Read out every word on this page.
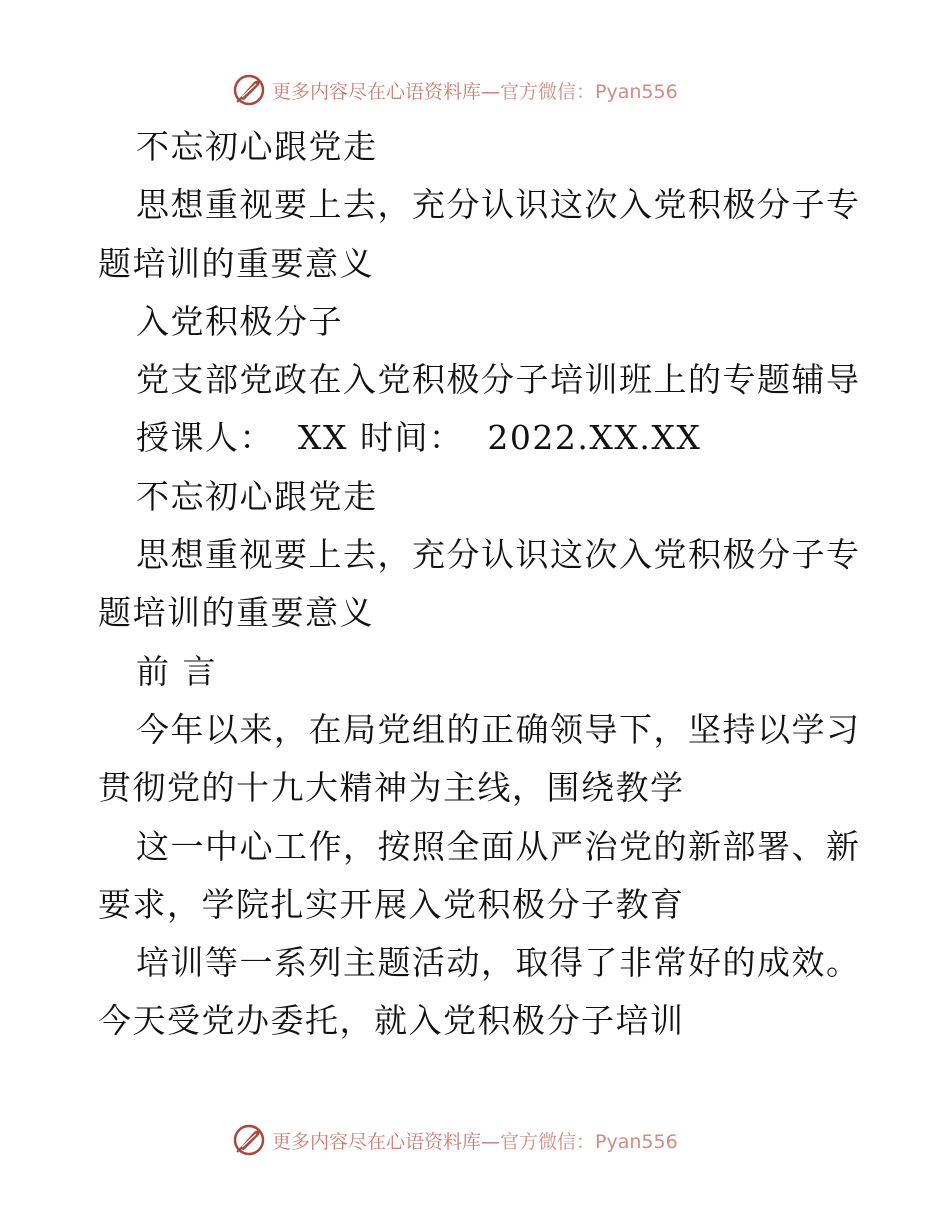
更多内容尽在心语资料库—官方微信：Pyan556
不忘初心跟党走
思想重视要上去，充分认识这次入党积极分子专
题培训的重要意义
入党积极分子
党支部党政在入党积极分子培训班上的专题辅导
授课人：  XX 时间：  2022.XX.XX
不忘初心跟党走
思想重视要上去，充分认识这次入党积极分子专
题培训的重要意义
前 言
今年以来，在局党组的正确领导下，坚持以学习
贯彻党的十九大精神为主线，围绕教学
这一中心工作，按照全面从严治党的新部署、新
要求，学院扎实开展入党积极分子教育
培训等一系列主题活动，取得了非常好的成效。
今天受党办委托，就入党积极分子培训
更多内容尽在心语资料库—官方微信：Pyan556
